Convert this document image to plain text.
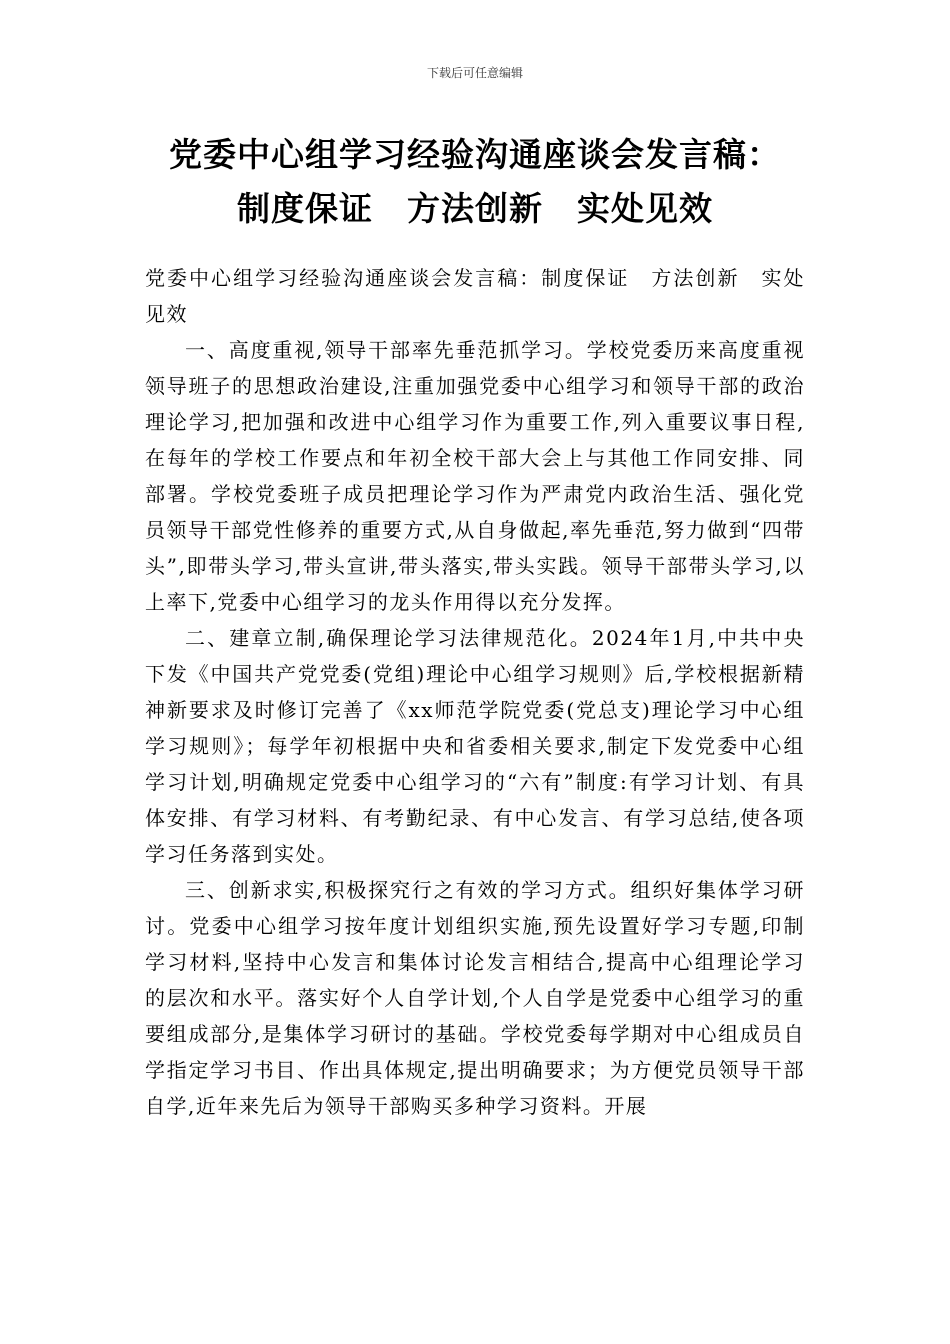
下载后可任意编辑
党委中心组学习经验沟通座谈会发言稿：
制度保证　方法创新　实处见效

党委中心组学习经验沟通座谈会发言稿：制度保证　方法创新　实处见效

一、高度重视,领导干部率先垂范抓学习。学校党委历来高度重视领导班子的思想政治建设,注重加强党委中心组学习和领导干部的政治理论学习,把加强和改进中心组学习作为重要工作,列入重要议事日程,在每年的学校工作要点和年初全校干部大会上与其他工作同安排、同部署。学校党委班子成员把理论学习作为严肃党内政治生活、强化党员领导干部党性修养的重要方式,从自身做起,率先垂范,努力做到“四带头”,即带头学习,带头宣讲,带头落实,带头实践。领导干部带头学习,以上率下,党委中心组学习的龙头作用得以充分发挥。

二、建章立制,确保理论学习法律规范化。2024年1月,中共中央下发《中国共产党党委(党组)理论中心组学习规则》后,学校根据新精神新要求及时修订完善了《xx师范学院党委(党总支)理论学习中心组学习规则》；每学年初根据中央和省委相关要求,制定下发党委中心组学习计划,明确规定党委中心组学习的“六有”制度:有学习计划、有具体安排、有学习材料、有考勤纪录、有中心发言、有学习总结,使各项学习任务落到实处。

三、创新求实,积极探究行之有效的学习方式。组织好集体学习研讨。党委中心组学习按年度计划组织实施,预先设置好学习专题,印制学习材料,坚持中心发言和集体讨论发言相结合,提高中心组理论学习的层次和水平。落实好个人自学计划,个人自学是党委中心组学习的重要组成部分,是集体学习研讨的基础。学校党委每学期对中心组成员自学指定学习书目、作出具体规定,提出明确要求；为方便党员领导干部自学,近年来先后为领导干部购买多种学习资料。开展
